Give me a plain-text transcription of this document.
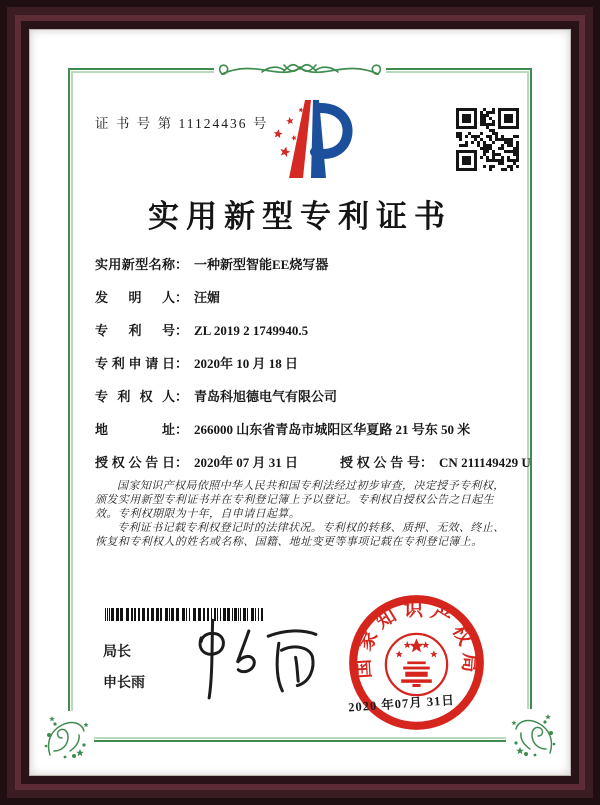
证 书 号 第 11124436 号
实用新型专利证书
实用新型名称： 一种新型智能EE烧写器
发明人： 汪媚
专利号： ZL 2019 2 1749940.5
专利申请日： 2020年 10 月 18 日
专利权人： 青岛科旭德电气有限公司
地址： 266000 山东省青岛市城阳区华夏路 21 号东 50 米
授权公告日： 2020年 07 月 31 日	授权公告号： CN 211149429 U

国家知识产权局依照中华人民共和国专利法经过初步审查，决定授予专利权，颁发实用新型专利证书并在专利登记簿上予以登记。专利权自授权公告之日起生效。专利权期限为十年，自申请日起算。

专利证书记载专利权登记时的法律状况。专利权的转移、质押、无效、终止、恢复和专利权人的姓名或名称、国籍、地址变更等事项记载在专利登记簿上。

局长
申长雨
国家知识产权局
2020 年07月 31日
